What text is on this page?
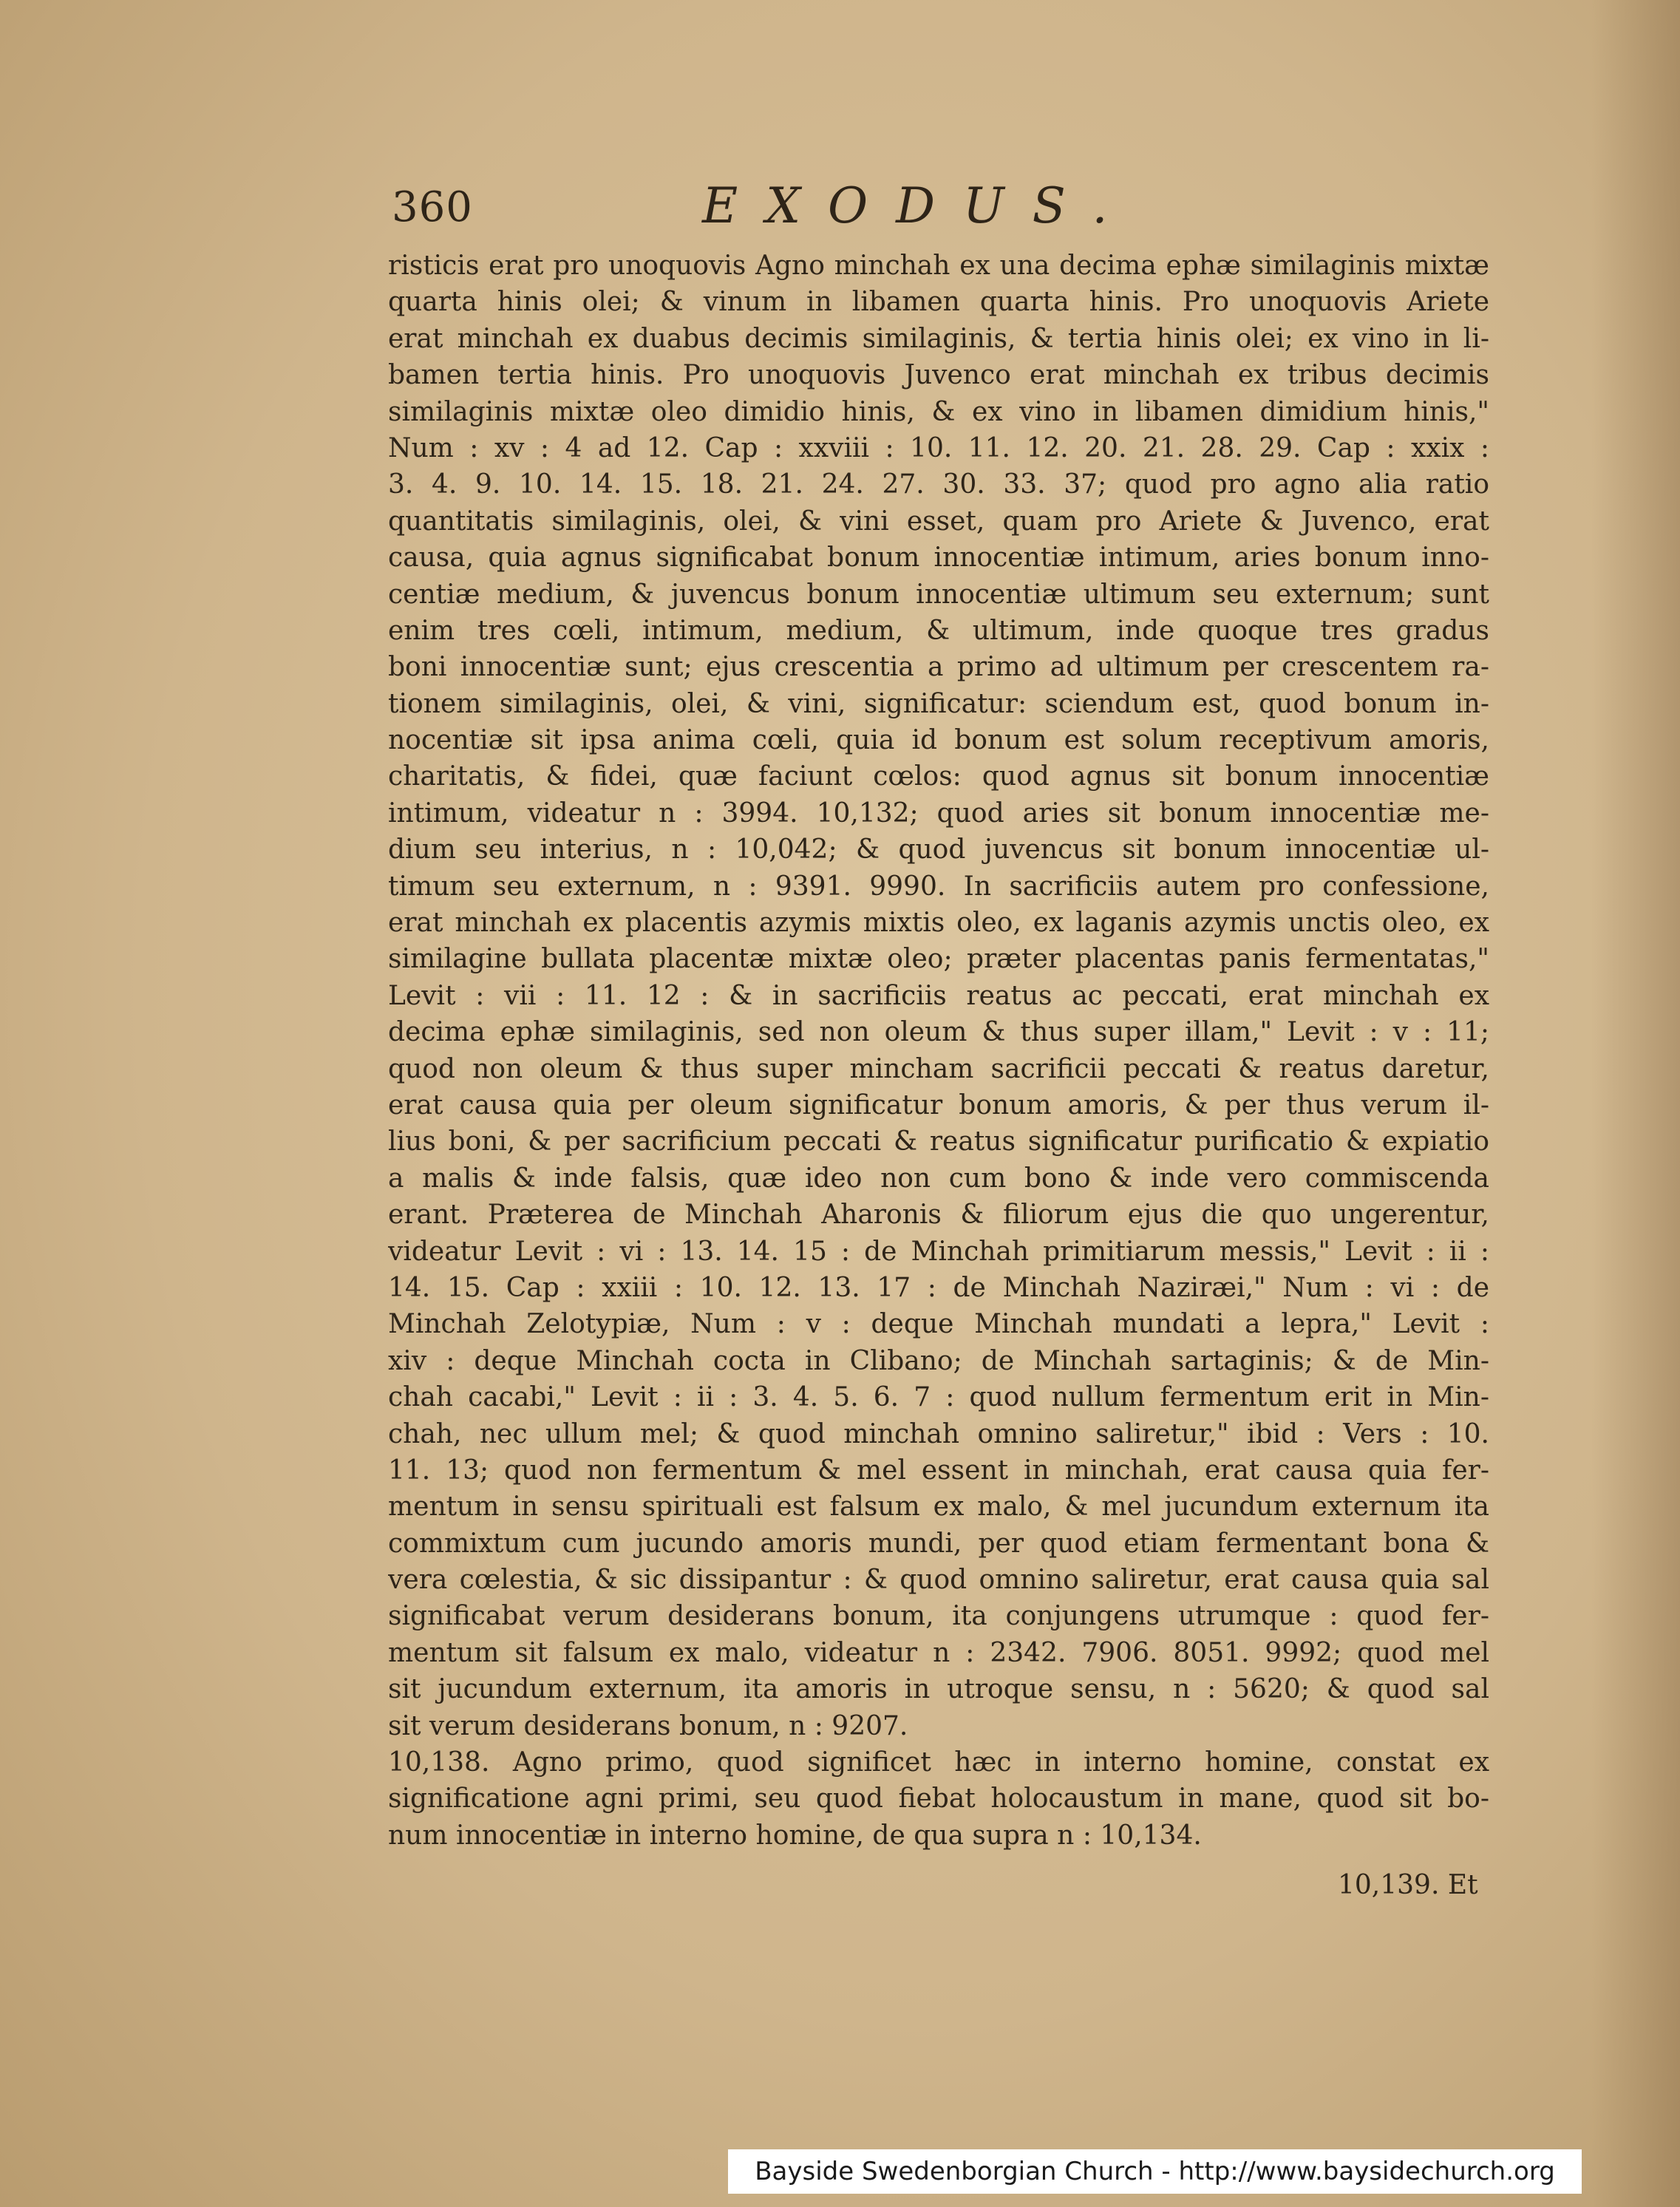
360	EXODUS.
risticis erat pro unoquovis Agno minchah ex una decima ephæ similaginis mixtæ
quarta hinis olei; & vinum in libamen quarta hinis. Pro unoquovis Ariete
erat minchah ex duabus decimis similaginis, & tertia hinis olei; ex vino in li-
bamen tertia hinis. Pro unoquovis Juvenco erat minchah ex tribus decimis
similaginis mixtæ oleo dimidio hinis, & ex vino in libamen dimidium hinis,"
Num : xv : 4 ad 12. Cap : xxviii : 10. 11. 12. 20. 21. 28. 29. Cap : xxix :
3. 4. 9. 10. 14. 15. 18. 21. 24. 27. 30. 33. 37; quod pro agno alia ratio
quantitatis similaginis, olei, & vini esset, quam pro Ariete & Juvenco, erat
causa, quia agnus significabat bonum innocentiæ intimum, aries bonum inno-
centiæ medium, & juvencus bonum innocentiæ ultimum seu externum; sunt
enim tres cœli, intimum, medium, & ultimum, inde quoque tres gradus
boni innocentiæ sunt; ejus crescentia a primo ad ultimum per crescentem ra-
tionem similaginis, olei, & vini, significatur: sciendum est, quod bonum in-
nocentiæ sit ipsa anima cœli, quia id bonum est solum receptivum amoris,
charitatis, & fidei, quæ faciunt cœlos: quod agnus sit bonum innocentiæ
intimum, videatur n : 3994. 10,132; quod aries sit bonum innocentiæ me-
dium seu interius, n : 10,042; & quod juvencus sit bonum innocentiæ ul-
timum seu externum, n : 9391. 9990. In sacrificiis autem pro confessione,
erat minchah ex placentis azymis mixtis oleo, ex laganis azymis unctis oleo, ex
similagine bullata placentæ mixtæ oleo; præter placentas panis fermentatas,"
Levit : vii : 11. 12 : & in sacrificiis reatus ac peccati, erat minchah ex
decima ephæ similaginis, sed non oleum & thus super illam," Levit : v : 11;
quod non oleum & thus super mincham sacrificii peccati & reatus daretur,
erat causa quia per oleum significatur bonum amoris, & per thus verum il-
lius boni, & per sacrificium peccati & reatus significatur purificatio & expiatio
a malis & inde falsis, quæ ideo non cum bono & inde vero commiscenda
erant. Præterea de Minchah Aharonis & filiorum ejus die quo ungerentur,
videatur Levit : vi : 13. 14. 15 : de Minchah primitiarum messis," Levit : ii :
14. 15. Cap : xxiii : 10. 12. 13. 17 : de Minchah Naziræi," Num : vi : de
Minchah Zelotypiæ, Num : v : deque Minchah mundati a lepra," Levit :
xiv : deque Minchah cocta in Clibano; de Minchah sartaginis; & de Min-
chah cacabi," Levit : ii : 3. 4. 5. 6. 7 : quod nullum fermentum erit in Min-
chah, nec ullum mel; & quod minchah omnino saliretur," ibid : Vers : 10.
11. 13; quod non fermentum & mel essent in minchah, erat causa quia fer-
mentum in sensu spirituali est falsum ex malo, & mel jucundum externum ita
commixtum cum jucundo amoris mundi, per quod etiam fermentant bona &
vera cœlestia, & sic dissipantur : & quod omnino saliretur, erat causa quia sal
significabat verum desiderans bonum, ita conjungens utrumque : quod fer-
mentum sit falsum ex malo, videatur n : 2342. 7906. 8051. 9992; quod mel
sit jucundum externum, ita amoris in utroque sensu, n : 5620; & quod sal
sit verum desiderans bonum, n : 9207.
10,138. Agno primo, quod significet hæc in interno homine, constat ex
significatione agni primi, seu quod fiebat holocaustum in mane, quod sit bo-
num innocentiæ in interno homine, de qua supra n : 10,134.
10,139. Et
Bayside Swedenborgian Church - http://www.baysidechurch.org
